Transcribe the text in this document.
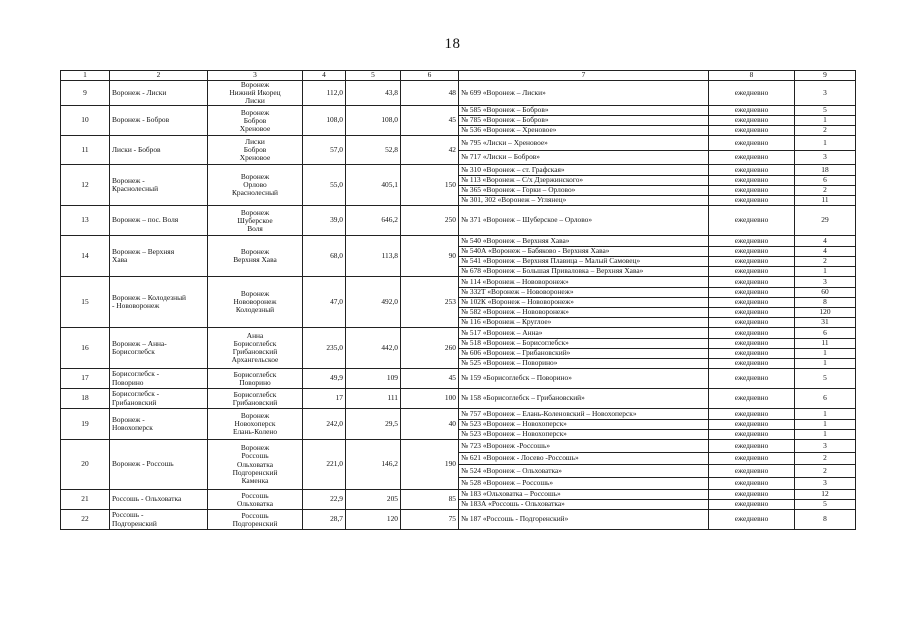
18
1	2	3	4	5	6	7	8	9
9	Воронеж - Лиски	Воронеж
Нижний Икорец
Лиски	112,0	43,8	48	№ 699 «Воронеж – Лиски»	ежедневно	3
10	Воронеж - Бобров	Воронеж
Бобров
Хреновое	108,0	108,0	45	№ 585 «Воронеж – Бобров»	ежедневно	5
						№ 785 «Воронеж – Бобров»	ежедневно	1
						№ 536 «Воронеж – Хреновое»	ежедневно	2
11	Лиски - Бобров	Лиски
Бобров
Хреновое	57,0	52,8	42	№ 795 «Лиски – Хреновое»	ежедневно	1
						№ 717 «Лиски – Бобров»	ежедневно	3
12	Воронеж -
Краснолесный	Воронеж
Орлово
Краснолесный	55,0	405,1	150	№ 310 «Воронеж – ст. Графская»	ежедневно	18
						№ 113 «Воронеж – С/х Дзержинского»	ежедневно	6
						№ 365 «Воронеж – Горки – Орлово»	ежедневно	2
						№ 301, 302 «Воронеж – Углянец»	ежедневно	11
13	Воронеж – пос. Воля	Воронеж
Шуберское
Воля	39,0	646,2	250	№ 371 «Воронеж – Шуберское – Орлово»	ежедневно	29
14	Воронеж – Верхняя
Хава	Воронеж
Верхняя Хава	68,0	113,8	90	№ 540 «Воронеж – Верхняя Хава»	ежедневно	4
						№ 540А «Воронеж – Бабяково - Верхняя Хава»	ежедневно	4
						№ 541 «Воронеж – Верхняя Плавица – Малый Самовец»	ежедневно	2
						№ 678 «Воронеж – Большая Приваловка – Верхняя Хава»	ежедневно	1
15	Воронеж – Колодезный
- Нововоронеж	Воронеж
Нововоронеж
Колодезный	47,0	492,0	253	№ 114 «Воронеж – Нововоронеж»	ежедневно	3
						№ 332Т «Воронеж – Нововоронеж»	ежедневно	60
						№ 102К «Воронеж – Нововоронеж»	ежедневно	8
						№ 582 «Воронеж – Нововоронеж»	ежедневно	120
						№ 116 «Воронеж – Круглое»	ежедневно	31
16	Воронеж – Анна-
Борисоглебск	Анна
Борисоглебск
Грибановский
Архангельское	235,0	442,0	260	№ 517 «Воронеж – Анна»	ежедневно	6
						№ 518 «Воронеж – Борисоглебск»	ежедневно	11
						№ 606 «Воронеж – Грибановский»	ежедневно	1
						№ 525 «Воронеж – Поворино»	ежедневно	1
17	Борисоглебск -
Поворино	Борисоглебск
Поворино	49,9	109	45	№ 159 «Борисоглебск – Поворино»	ежедневно	5
18	Борисоглебск -
Грибановский	Борисоглебск
Грибановский	17	111	100	№ 158 «Борисоглебск – Грибановский»	ежедневно	6
19	Воронеж -
Новохоперск	Воронеж
Новохоперск
Елань-Колено	242,0	29,5	40	№ 757 «Воронеж – Елань-Коленовский – Новохоперск»	ежедневно	1
						№ 523 «Воронеж – Новохоперск»	ежедневно	1
						№ 523 «Воронеж – Новохоперск»	ежедневно	1
20	Воронеж - Россошь	Воронеж
Россошь
Ольховатка
Подгоренский
Каменка	221,0	146,2	190	№ 723 «Воронеж -Россошь»	ежедневно	3
						№ 621 «Воронеж - Лосево -Россошь»	ежедневно	2
						№ 524 «Воронеж – Ольховатка»	ежедневно	2
						№ 528 «Воронеж – Россошь»	ежедневно	3
21	Россошь - Ольховатка	Россошь
Ольховатка	22,9	205	85	№ 183 «Ольховатка – Россошь»	ежедневно	12
						№ 183А «Россошь - Ольховатка»	ежедневно	5
22	Россошь -
Подгоренский	Россошь
Подгоренский	28,7	120	75	№ 187 «Россошь - Подгоренский»	ежедневно	8
